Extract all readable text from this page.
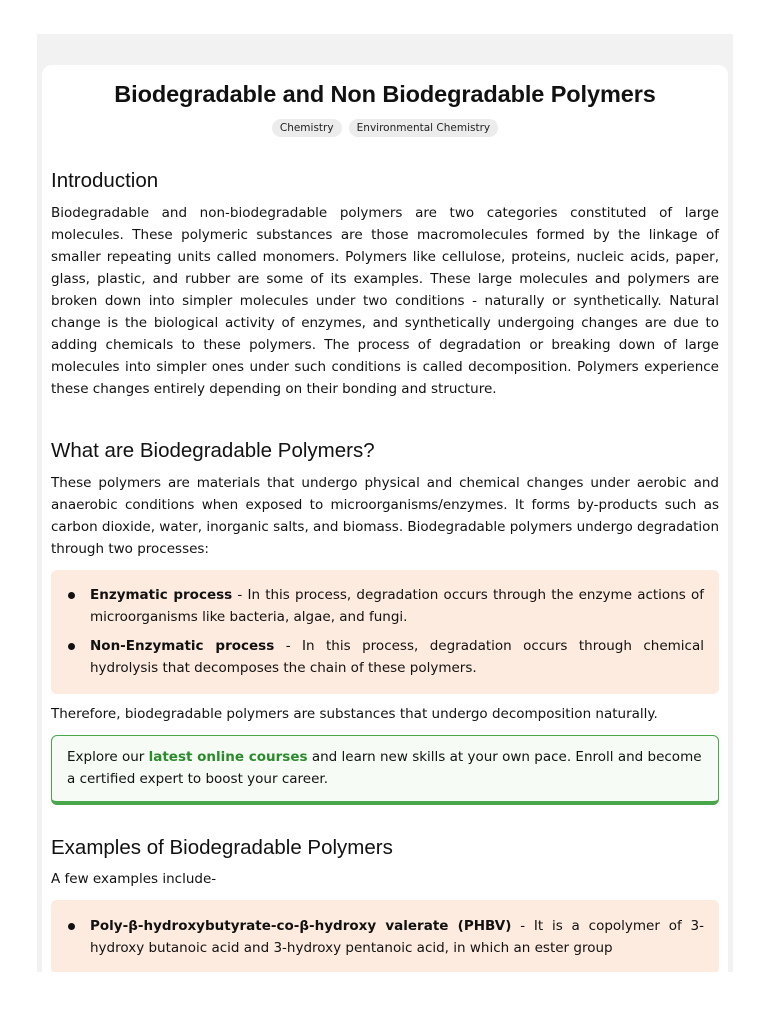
Biodegradable and Non Biodegradable Polymers
Chemistry Environmental Chemistry
Introduction

Biodegradable and non-biodegradable polymers are two categories constituted of large molecules. These polymeric substances are those macromolecules formed by the linkage of smaller repeating units called monomers. Polymers like cellulose, proteins, nucleic acids, paper, glass, plastic, and rubber are some of its examples. These large molecules and polymers are broken down into simpler molecules under two conditions - naturally or synthetically. Natural change is the biological activity of enzymes, and synthetically undergoing changes are due to adding chemicals to these polymers. The process of degradation or breaking down of large molecules into simpler ones under such conditions is called decomposition. Polymers experience these changes entirely depending on their bonding and structure.

What are Biodegradable Polymers?

These polymers are materials that undergo physical and chemical changes under aerobic and anaerobic conditions when exposed to microorganisms/enzymes. It forms by-products such as carbon dioxide, water, inorganic salts, and biomass. Biodegradable polymers undergo degradation through two processes:

Enzymatic process - In this process, degradation occurs through the enzyme actions of microorganisms like bacteria, algae, and fungi.
Non-Enzymatic process - In this process, degradation occurs through chemical hydrolysis that decomposes the chain of these polymers.

Therefore, biodegradable polymers are substances that undergo decomposition naturally.

Explore our latest online courses and learn new skills at your own pace. Enroll and become a certified expert to boost your career.

Examples of Biodegradable Polymers

A few examples include-

Poly-β-hydroxybutyrate-co-β-hydroxy valerate (PHBV) - It is a copolymer of 3-hydroxy butanoic acid and 3-hydroxy pentanoic acid, in which an ester group
